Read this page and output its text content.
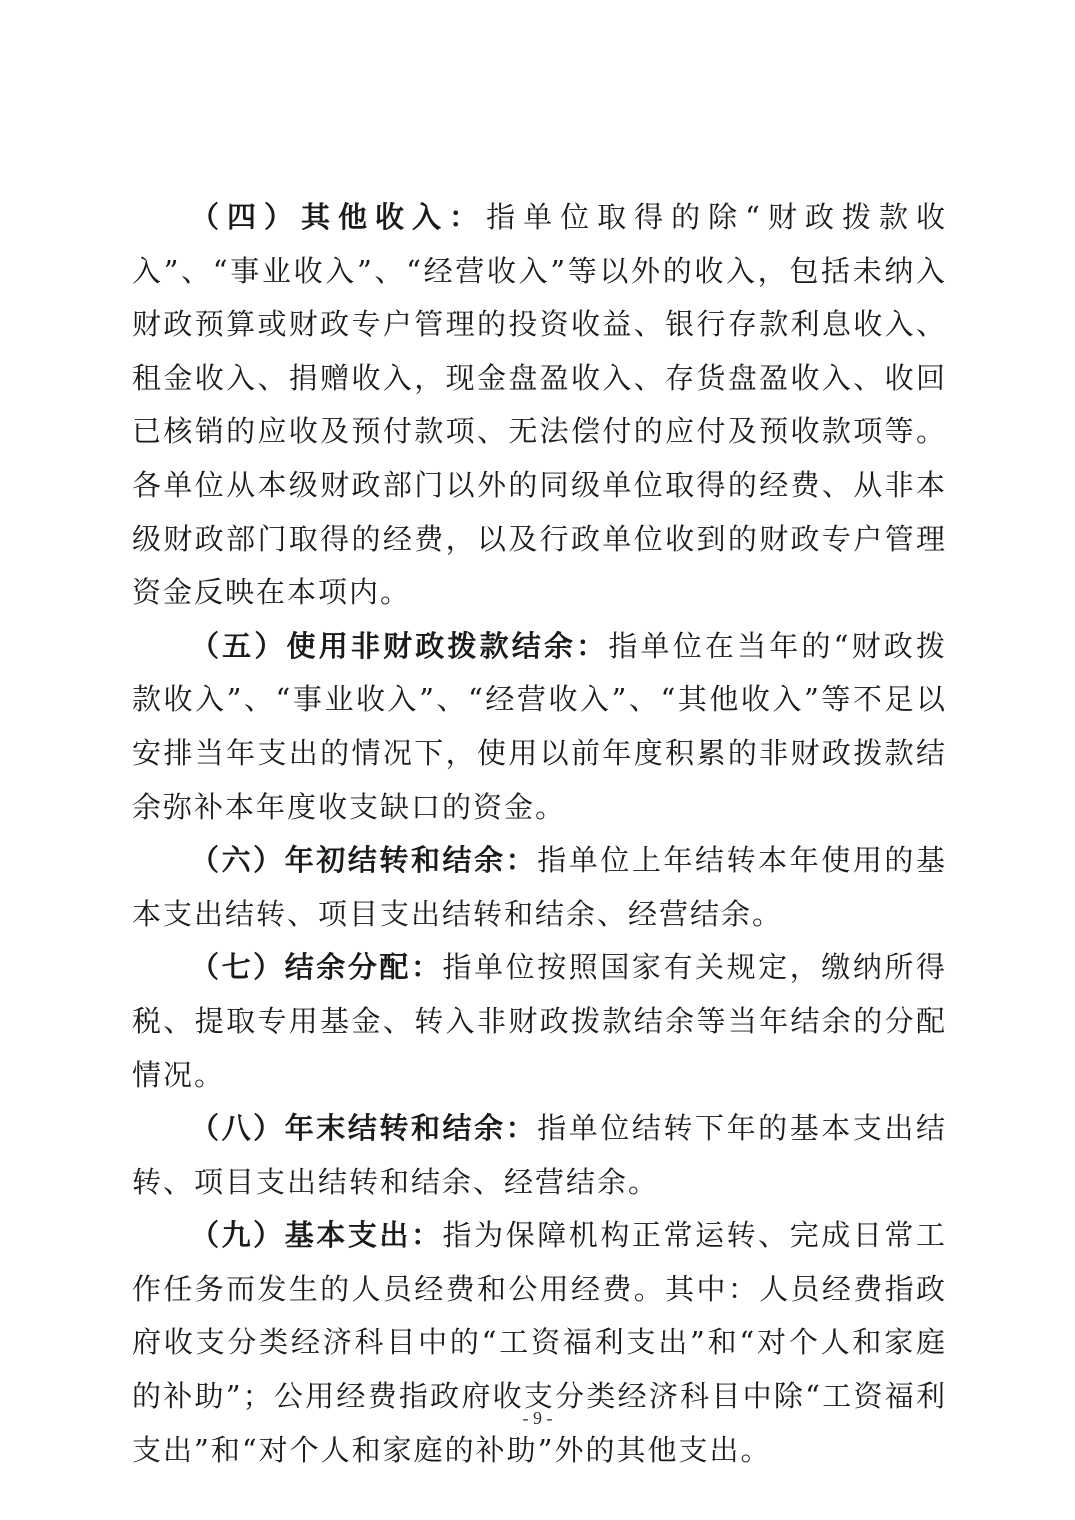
（四）其他收入：指单位取得的除“财政拨款收入”、“事业收入”、“经营收入”等以外的收入，包括未纳入财政预算或财政专户管理的投资收益、银行存款利息收入、租金收入、捐赠收入，现金盘盈收入、存货盘盈收入、收回已核销的应收及预付款项、无法偿付的应付及预收款项等。各单位从本级财政部门以外的同级单位取得的经费、从非本级财政部门取得的经费，以及行政单位收到的财政专户管理资金反映在本项内。

（五）使用非财政拨款结余：指单位在当年的“财政拨款收入”、“事业收入”、“经营收入”、“其他收入”等不足以安排当年支出的情况下，使用以前年度积累的非财政拨款结余弥补本年度收支缺口的资金。

（六）年初结转和结余：指单位上年结转本年使用的基本支出结转、项目支出结转和结余、经营结余。

（七）结余分配：指单位按照国家有关规定，缴纳所得税、提取专用基金、转入非财政拨款结余等当年结余的分配情况。

（八）年末结转和结余：指单位结转下年的基本支出结转、项目支出结转和结余、经营结余。

（九）基本支出：指为保障机构正常运转、完成日常工作任务而发生的人员经费和公用经费。其中：人员经费指政府收支分类经济科目中的“工资福利支出”和“对个人和家庭的补助”；公用经费指政府收支分类经济科目中除“工资福利支出”和“对个人和家庭的补助”外的其他支出。

- 9 -
